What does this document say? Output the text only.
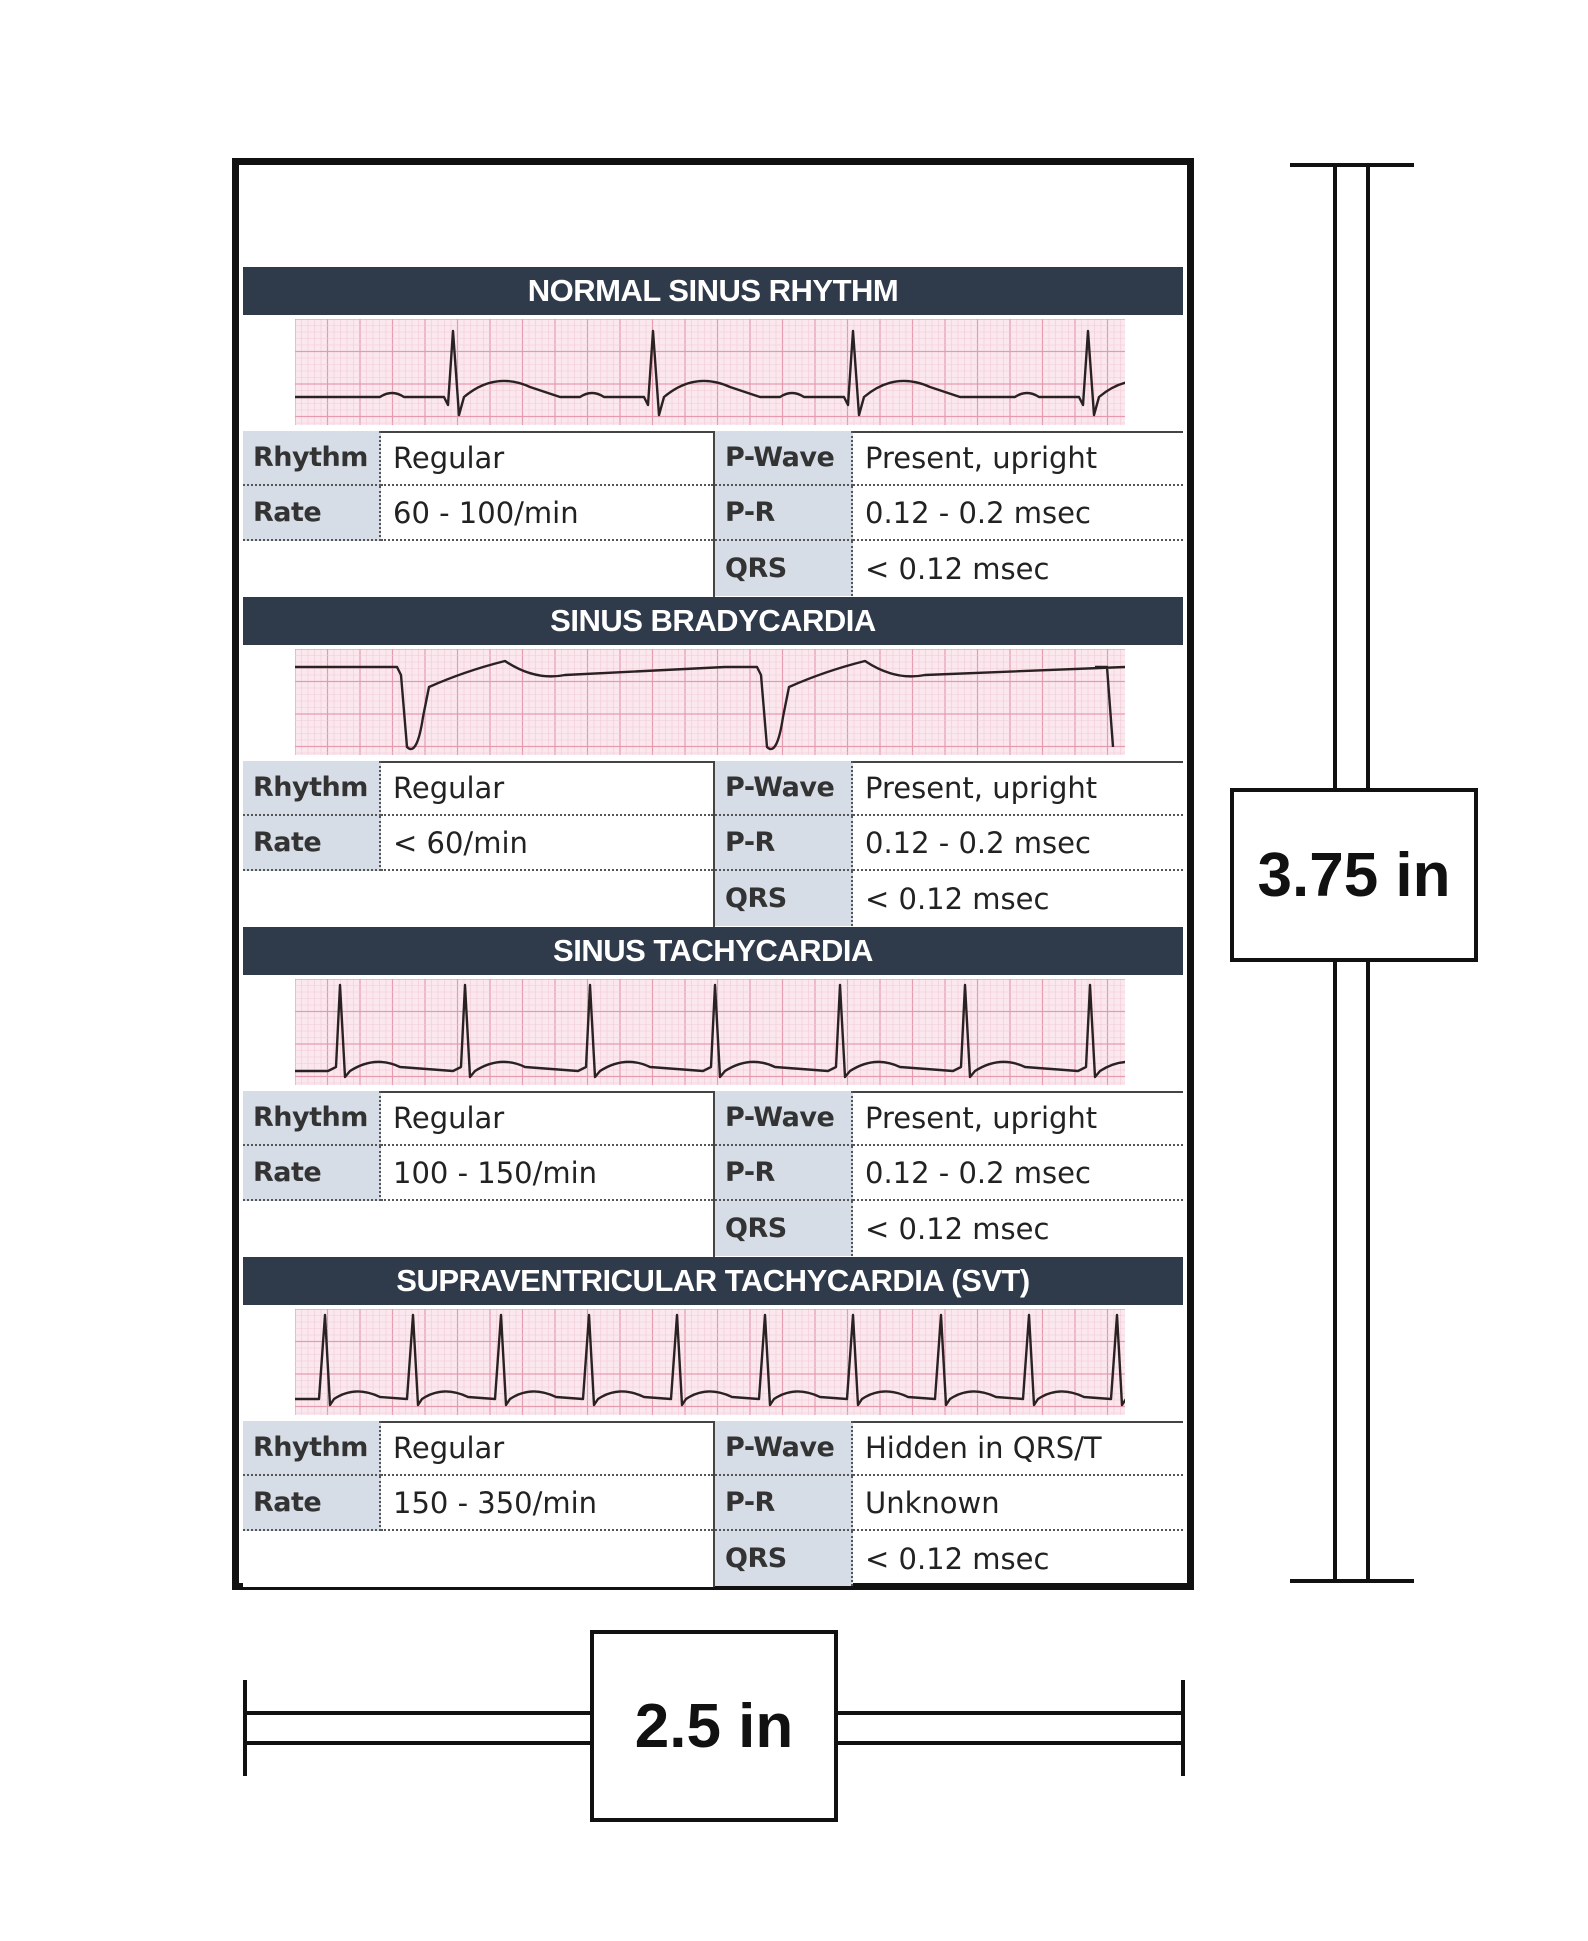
NORMAL SINUS RHYTHM
Rhythm Regular
Rate	60 - 100/min
P-Wave	Present, upright
P-R	0.12 - 0.2 msec
QRS	< 0.12 msec
SINUS BRADYCARDIA
Rhythm Regular
Rate	< 60/min
P-Wave	Present, upright
P-R	0.12 - 0.2 msec
QRS	< 0.12 msec
SINUS TACHYCARDIA
Rhythm Regular
Rate	100 - 150/min
P-Wave	Present, upright
P-R	0.12 - 0.2 msec
QRS	< 0.12 msec
SUPRAVENTRICULAR TACHYCARDIA (SVT)
Rhythm Regular
Rate	150 - 350/min
P-Wave	Hidden in QRS/T
P-R	Unknown
QRS	< 0.12 msec
3.75 in
2.5 in
